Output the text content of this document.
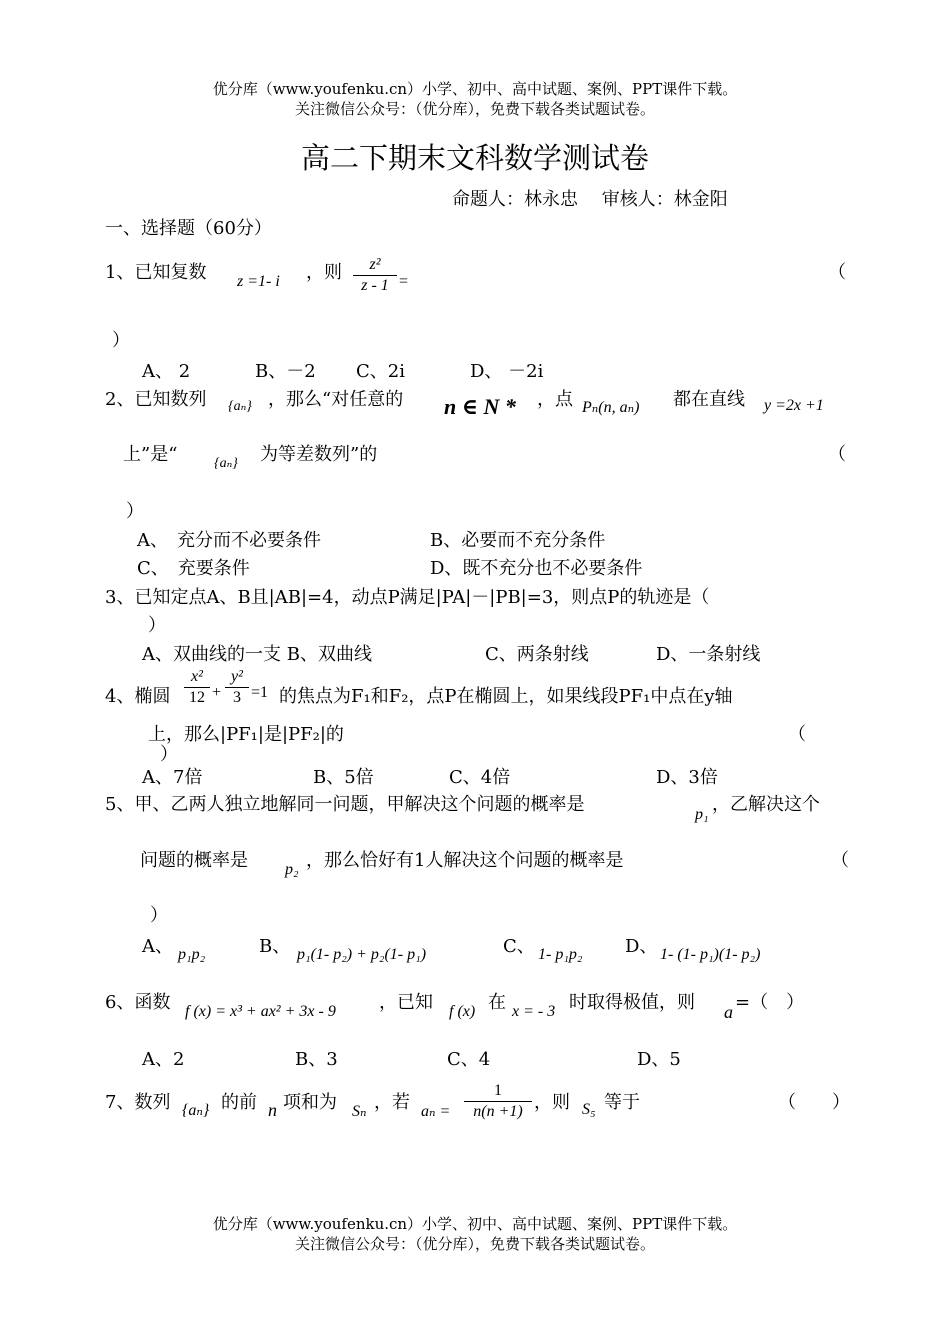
优分库（www.youfenku.cn）小学、初中、高中试题、案例、PPT课件下载。
关注微信公众号：（优分库），免费下载各类试题试卷。
高二下期末文科数学测试卷
命题人：林永忠　 审核人：林金阳
一、选择题（60分）
1、已知复数 z =1- i ，则	z²
z - 1 =	（
）
A、 2	B、－2 C、2i	D、 －2i
2、已知数列 {aₙ} ，那么“对任意的 n ∈ N * ，点 Pₙ(n, aₙ) 都在直线 y =2x +1
上”是“	{aₙ} 为等差数列”的	（
）
A、　充分而不必要条件	B、必要而不充分条件
C、　充要条件	D、既不充分也不必要条件
3、已知定点A、B且|AB|=4，动点P满足|PA|－|PB|=3，则点P的轨迹是（
）
A、双曲线的一支 B、双曲线	C、两条射线	D、一条射线
4、椭圆
x²
12 +
y²
3 =1 的焦点为F₁和F₂，点P在椭圆上，如果线段PF₁中点在y轴
上，那么|PF₁|是|PF₂|的	（
）
A、7倍	B、5倍	C、4倍	D、3倍
5、甲、乙两人独立地解同一问题，甲解决这个问题的概率是	p₁ ，乙解决这个
问题的概率是 p₂ ，那么恰好有1人解决这个问题的概率是	（
）
A、 p₁p₂	B、 p₁(1- p₂) + p₂(1- p₁)	C、 1- p₁p₂ D、 1- (1- p₁)(1- p₂)
6、函数 f (x) = x³ + ax² + 3x - 9 ，已知 f (x) 在 x = - 3 时取得极值，则 a =（　）
A、2	B、3	C、4	D、5
7、数列 {aₙ} 的前 n 项和为 Sₙ ，若 aₙ =
1
n(n +1) ，则 S₅ 等于	（　　）
优分库（www.youfenku.cn）小学、初中、高中试题、案例、PPT课件下载。
关注微信公众号：（优分库），免费下载各类试题试卷。
